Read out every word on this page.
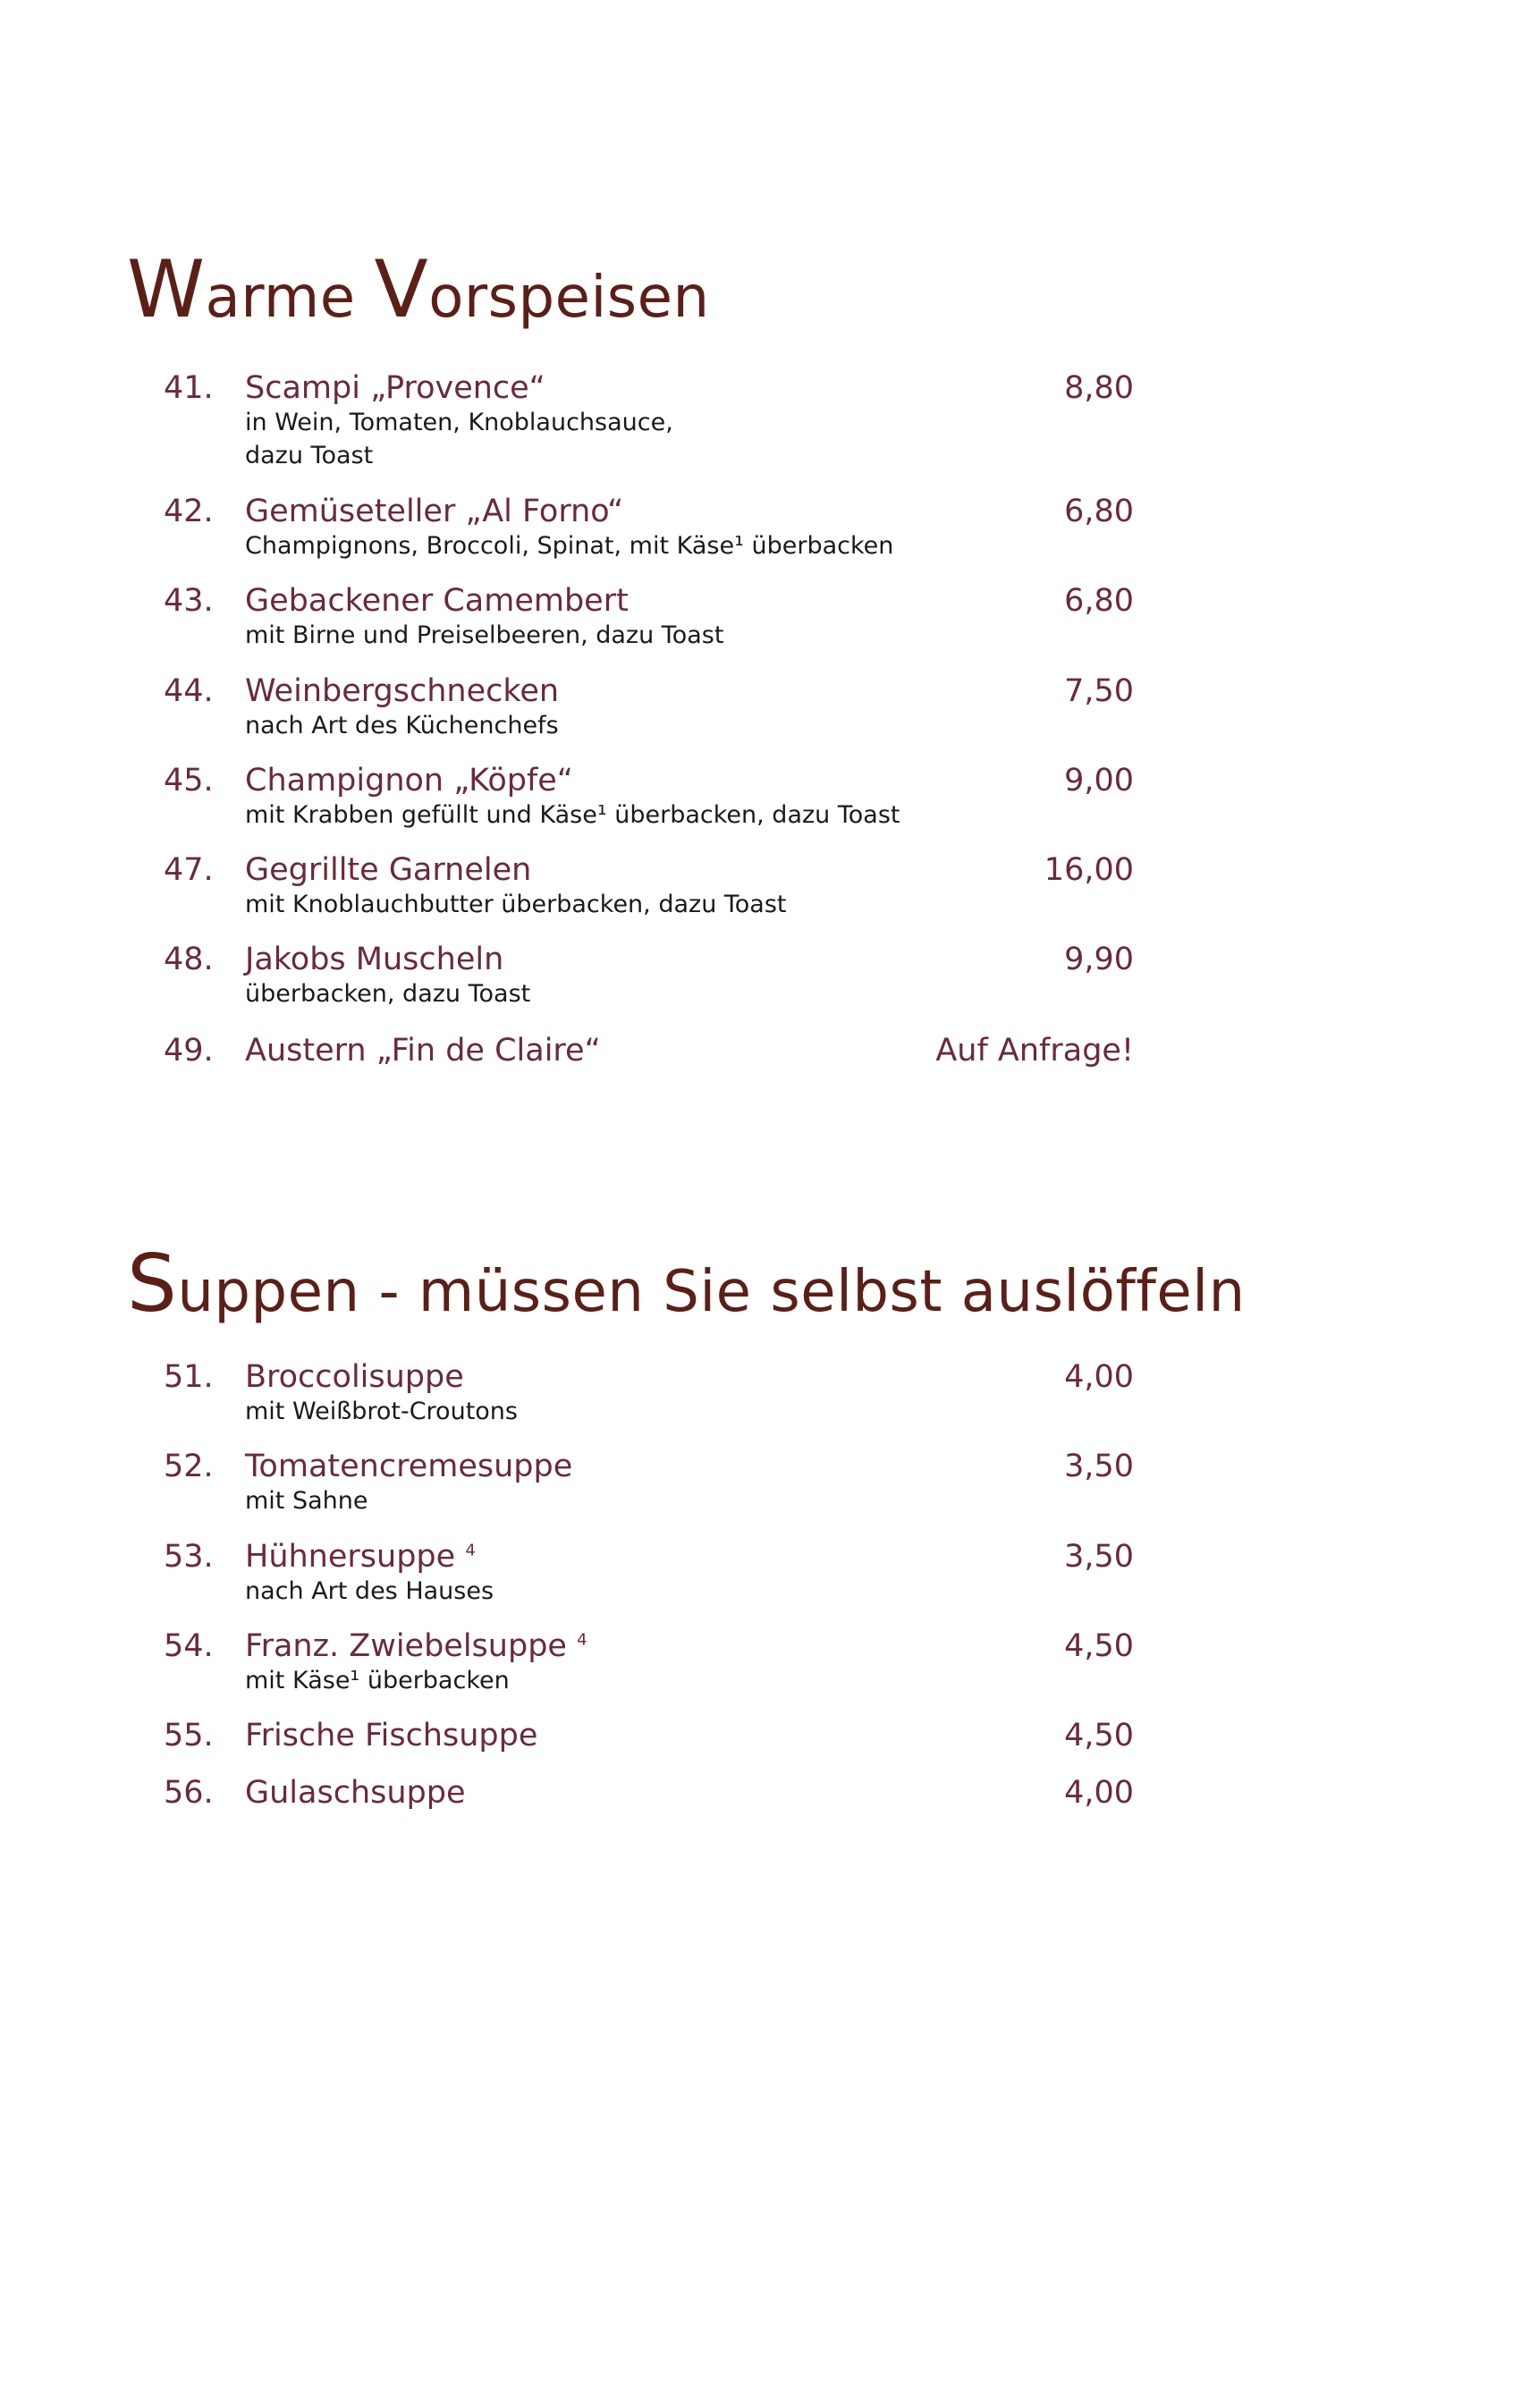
Warme Vorspeisen
41. Scampi „Provence“	8,80
in Wein, Tomaten, Knoblauchsauce,
dazu Toast
42. Gemüseteller „Al Forno“	6,80
Champignons, Broccoli, Spinat, mit Käse¹ überbacken
43. Gebackener Camembert	6,80
mit Birne und Preiselbeeren, dazu Toast
44. Weinbergschnecken	7,50
nach Art des Küchenchefs
45. Champignon „Köpfe“	9,00
mit Krabben gefüllt und Käse¹ überbacken, dazu Toast
47. Gegrillte Garnelen	16,00
mit Knoblauchbutter überbacken, dazu Toast
48. Jakobs Muscheln	9,90
überbacken, dazu Toast
49. Austern „Fin de Claire“	Auf Anfrage!
Suppen - müssen Sie selbst auslöffeln
51. Broccolisuppe	4,00
mit Weißbrot-Croutons
52. Tomatencremesuppe	3,50
mit Sahne
53. Hühnersuppe $^4$	3,50
nach Art des Hauses
54. Franz. Zwiebelsuppe $^4$	4,50
mit Käse¹ überbacken
55. Frische Fischsuppe	4,50
56. Gulaschsuppe	4,00
